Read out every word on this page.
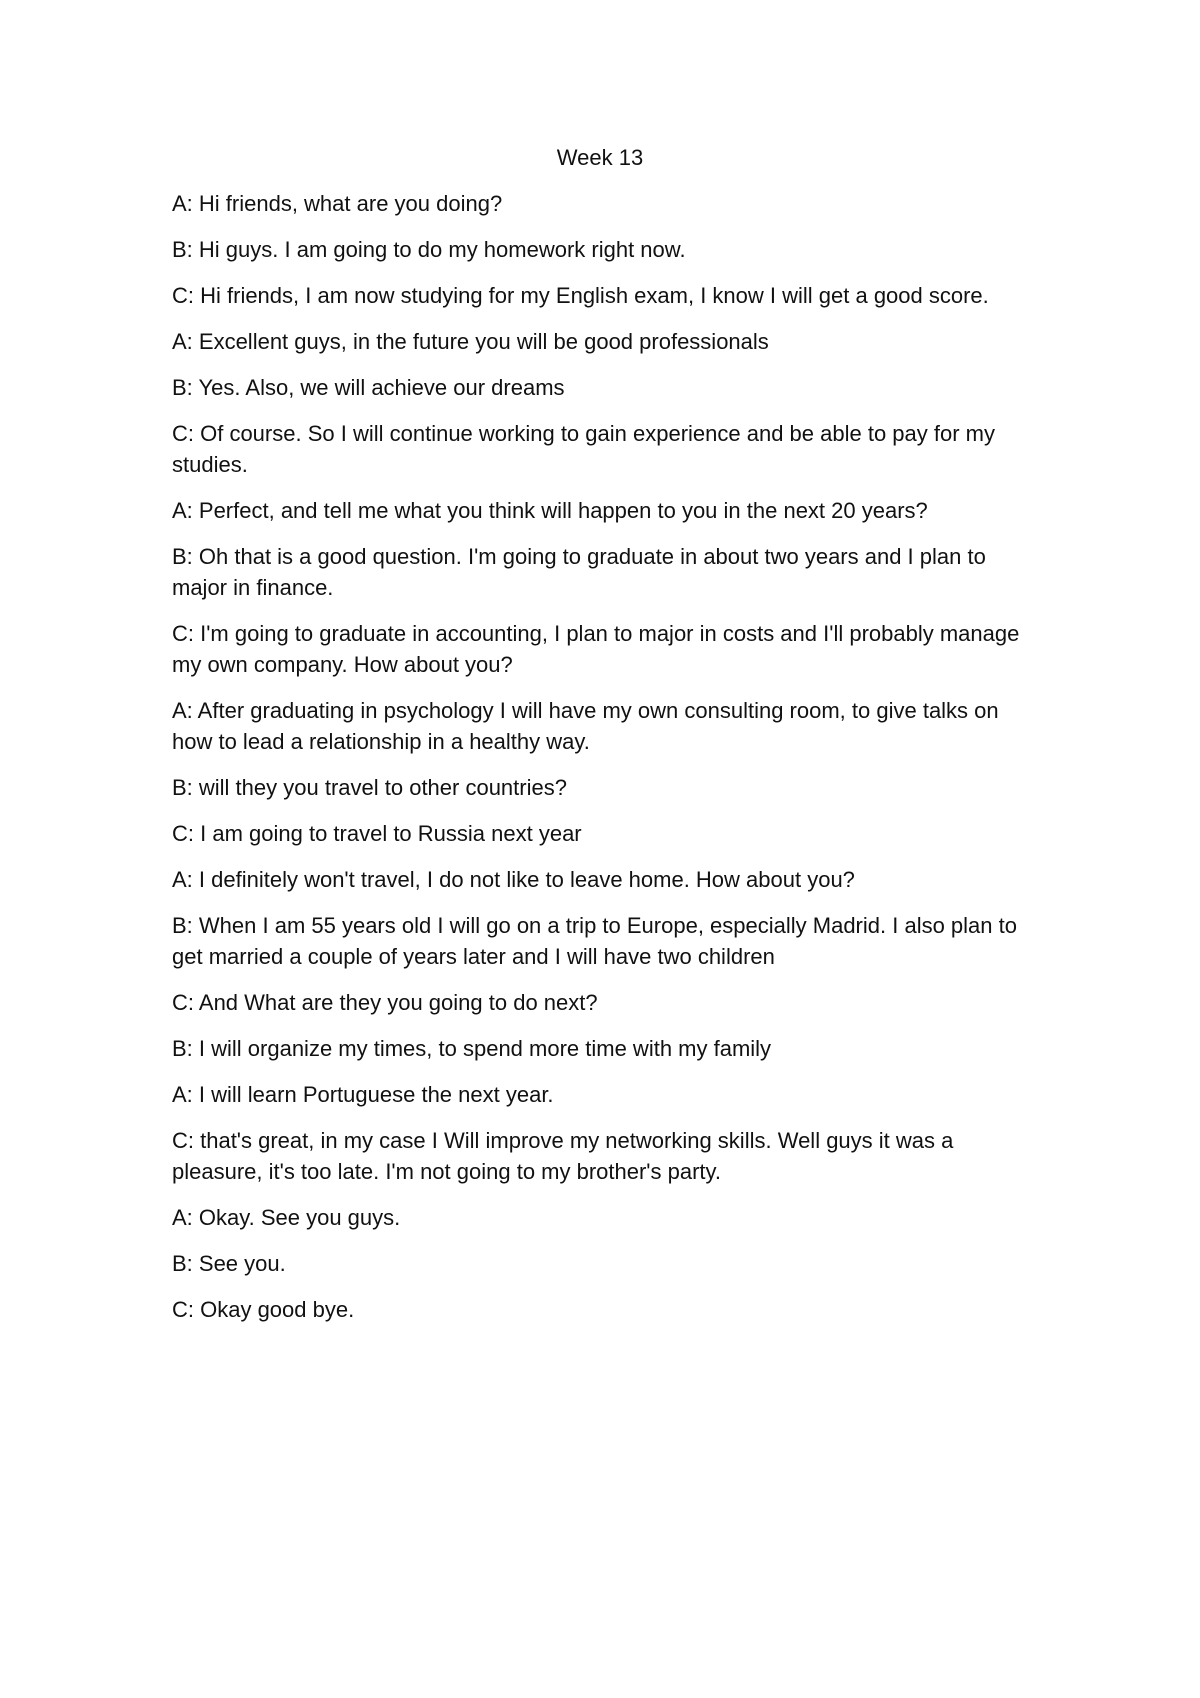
Week 13

A: Hi friends, what are you doing?

B: Hi guys. I am going to do my homework right now.

C: Hi friends, I am now studying for my English exam, I know I will get a good score.

A: Excellent guys, in the future you will be good professionals

B: Yes. Also, we will achieve our dreams

C: Of course. So I will continue working to gain experience and be able to pay for my studies.

A: Perfect, and tell me what you think will happen to you in the next 20 years?

B: Oh that is a good question. I'm going to graduate in about two years and I plan to major in finance.

C: I'm going to graduate in accounting, I plan to major in costs and I'll probably manage my own company. How about you?

A: After graduating in psychology I will have my own consulting room, to give talks on how to lead a relationship in a healthy way.

B: will they you travel to other countries?

C: I am going to travel to Russia next year

A: I definitely won't travel, I do not like to leave home. How about you?

B: When I am 55 years old I will go on a trip to Europe, especially Madrid. I also plan to get married a couple of years later and I will have two children

C: And What are they you going to do next?

B: I will organize my times, to spend more time with my family

A: I will learn Portuguese the next year.

C: that's great, in my case I Will improve my networking skills. Well guys it was a pleasure, it's too late. I'm not going to my brother's party.

A: Okay. See you guys.

B: See you.

C: Okay good bye.
